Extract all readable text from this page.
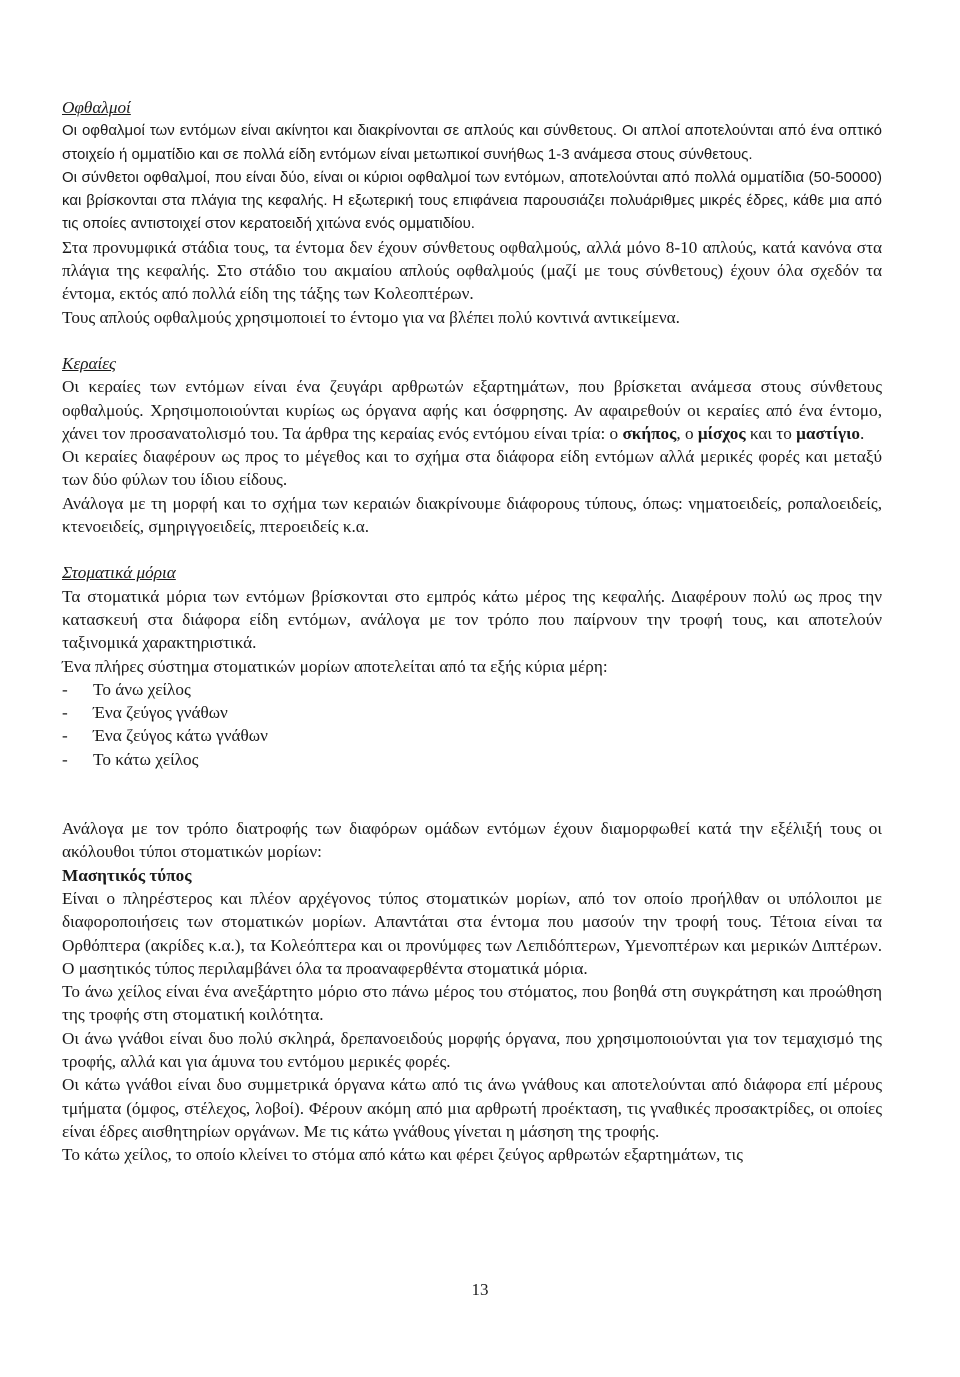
Οφθαλμοί

Οι οφθαλμοί των εντόμων είναι ακίνητοι και διακρίνονται σε απλούς και σύνθετους. Οι απλοί αποτελούνται από ένα οπτικό στοιχείο ή ομματίδιο και σε πολλά είδη εντόμων είναι μετωπικοί συνήθως 1-3 ανάμεσα στους σύνθετους.

Οι σύνθετοι οφθαλμοί, που είναι δύο, είναι οι κύριοι οφθαλμοί των εντόμων, αποτελούνται από πολλά ομματίδια (50-50000) και βρίσκονται στα πλάγια της κεφαλής. Η εξωτερική τους επιφάνεια παρουσιάζει πολυάριθμες μικρές έδρες, κάθε μια από τις οποίες αντιστοιχεί στον κερατοειδή χιτώνα ενός ομματιδίου.

Στα προνυμφικά στάδια τους, τα έντομα δεν έχουν σύνθετους οφθαλμούς, αλλά μόνο 8-10 απλούς, κατά κανόνα στα πλάγια της κεφαλής. Στο στάδιο του ακμαίου απλούς οφθαλμούς (μαζί με τους σύνθετους) έχουν όλα σχεδόν τα έντομα, εκτός από πολλά είδη της τάξης των Κολεοπτέρων.

Τους απλούς οφθαλμούς χρησιμοποιεί το έντομο για να βλέπει πολύ κοντινά αντικείμενα.

Κεραίες

Οι κεραίες των εντόμων είναι ένα ζευγάρι αρθρωτών εξαρτημάτων, που βρίσκεται ανάμεσα στους σύνθετους οφθαλμούς. Χρησιμοποιούνται κυρίως ως όργανα αφής και όσφρησης. Αν αφαιρεθούν οι κεραίες από ένα έντομο, χάνει τον προσανατολισμό του. Τα άρθρα της κεραίας ενός εντόμου είναι τρία: ο σκήπος, ο μίσχος και το μαστίγιο.

Οι κεραίες διαφέρουν ως προς το μέγεθος και το σχήμα στα διάφορα είδη εντόμων αλλά μερικές φορές και μεταξύ των δύο φύλων του ίδιου είδους.

Ανάλογα με τη μορφή και το σχήμα των κεραιών διακρίνουμε διάφορους τύπους, όπως: νηματοειδείς, ροπαλοειδείς, κτενοειδείς, σμηριγγοειδείς, πτεροειδείς κ.α.

Στοματικά μόρια

Τα στοματικά μόρια των εντόμων βρίσκονται στο εμπρός κάτω μέρος της κεφαλής. Διαφέρουν πολύ ως προς την κατασκευή στα διάφορα είδη εντόμων, ανάλογα με τον τρόπο που παίρνουν την τροφή τους, και αποτελούν ταξινομικά χαρακτηριστικά.

Ένα πλήρες σύστημα στοματικών μορίων αποτελείται από τα εξής κύρια μέρη:

- Το άνω χείλος
- Ένα ζεύγος γνάθων
- Ένα ζεύγος κάτω γνάθων
- Το κάτω χείλος

Ανάλογα με τον τρόπο διατροφής των διαφόρων ομάδων εντόμων έχουν διαμορφωθεί κατά την εξέλιξή τους οι ακόλουθοι τύποι στοματικών μορίων:

Μασητικός τύπος

Είναι ο πληρέστερος και πλέον αρχέγονος τύπος στοματικών μορίων, από τον οποίο προήλθαν οι υπόλοιποι με διαφοροποιήσεις των στοματικών μορίων. Απαντάται στα έντομα που μασούν την τροφή τους. Τέτοια είναι τα Ορθόπτερα (ακρίδες κ.α.), τα Κολεόπτερα και οι προνύμφες των Λεπιδόπτερων, Υμενοπτέρων και μερικών Διπτέρων. Ο μασητικός τύπος περιλαμβάνει όλα τα προαναφερθέντα στοματικά μόρια.

Το άνω χείλος είναι ένα ανεξάρτητο μόριο στο πάνω μέρος του στόματος, που βοηθά στη συγκράτηση και προώθηση της τροφής στη στοματική κοιλότητα.

Οι άνω γνάθοι είναι δυο πολύ σκληρά, δρεπανοειδούς μορφής όργανα, που χρησιμοποιούνται για τον τεμαχισμό της τροφής, αλλά και για άμυνα του εντόμου μερικές φορές.

Οι κάτω γνάθοι είναι δυο συμμετρικά όργανα κάτω από τις άνω γνάθους και αποτελούνται από διάφορα επί μέρους τμήματα (όμφος, στέλεχος, λοβοί). Φέρουν ακόμη από μια αρθρωτή προέκταση, τις γναθικές προσακτρίδες, οι οποίες είναι έδρες αισθητηρίων οργάνων. Με τις κάτω γνάθους γίνεται η μάσηση της τροφής.

Το κάτω χείλος, το οποίο κλείνει το στόμα από κάτω και φέρει ζεύγος αρθρωτών εξαρτημάτων, τις

13
